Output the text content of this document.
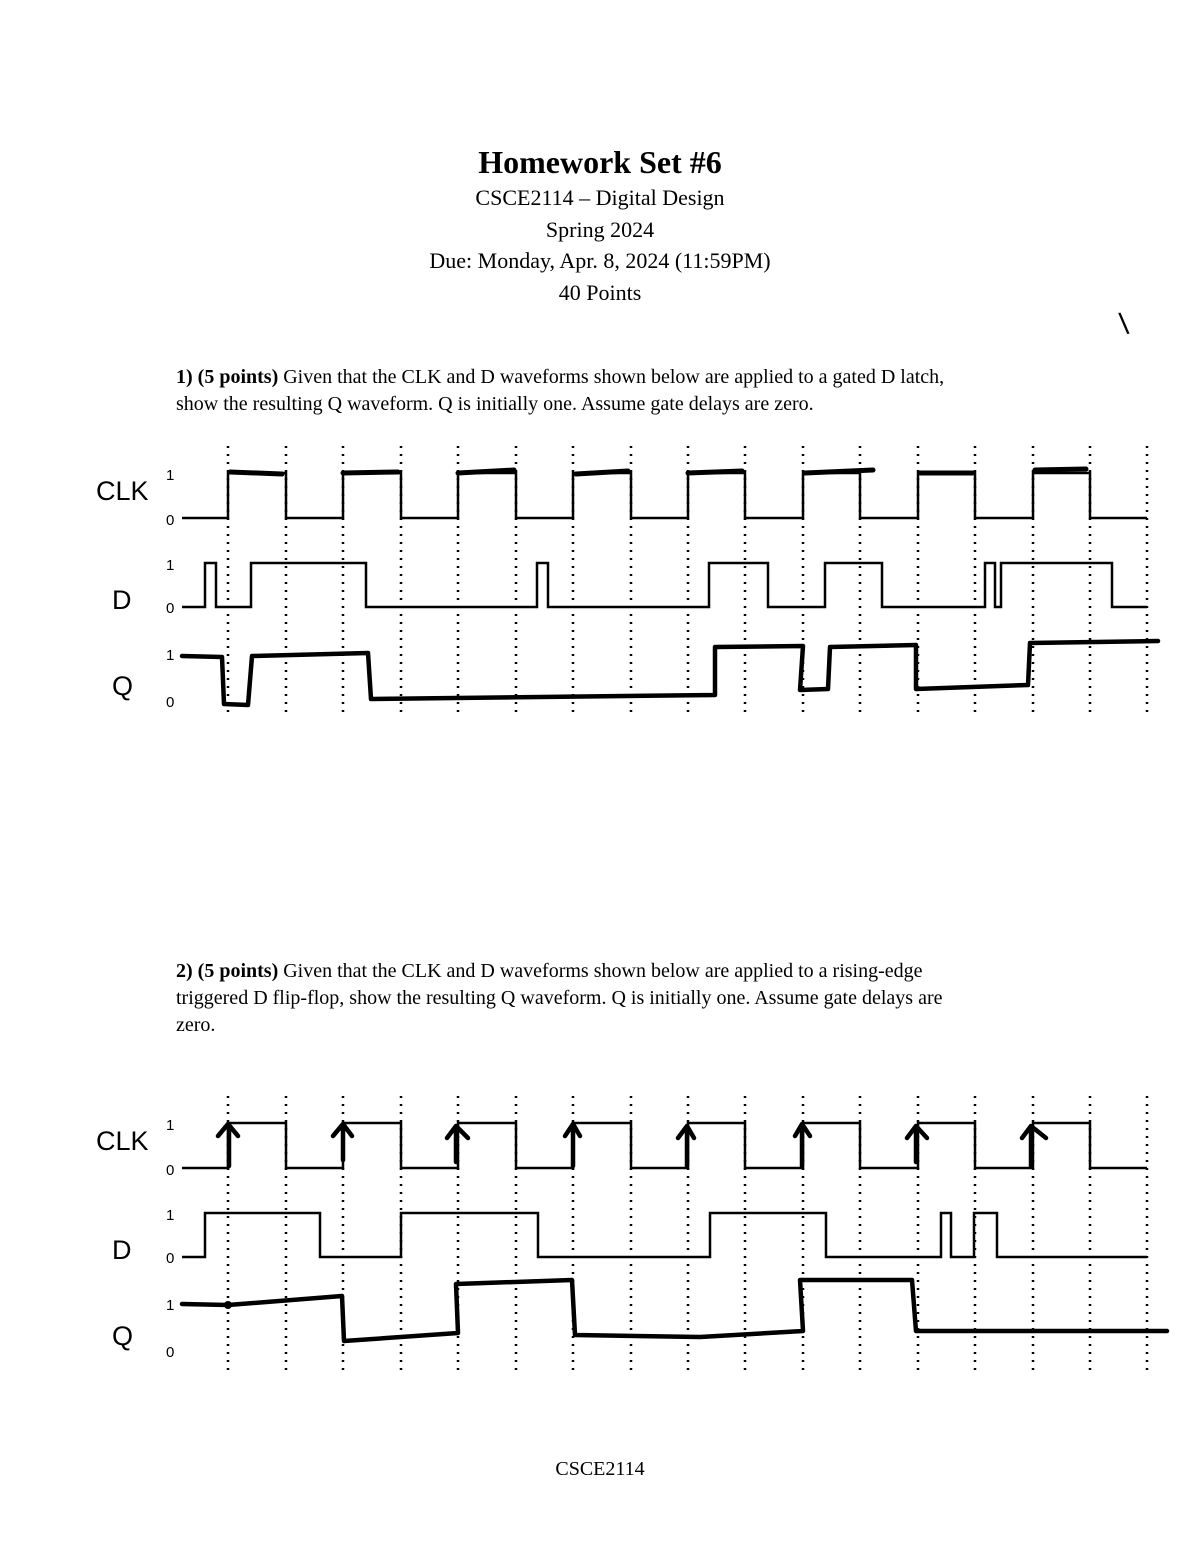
Homework Set #6
CSCE2114 – Digital Design
Spring 2024
Due: Monday, Apr. 8, 2024 (11:59PM)
40 Points
\
1) (5 points) Given that the CLK and D waveforms shown below are applied to a gated D latch,
show the resulting Q waveform. Q is initially one. Assume gate delays are zero.
CLK
1
0
D
1
0
Q
1
0
2) (5 points) Given that the CLK and D waveforms shown below are applied to a rising-edge
triggered D flip-flop, show the resulting Q waveform. Q is initially one. Assume gate delays are
zero.
CLK
1
0
D
1
0
Q
1
0
CSCE2114
